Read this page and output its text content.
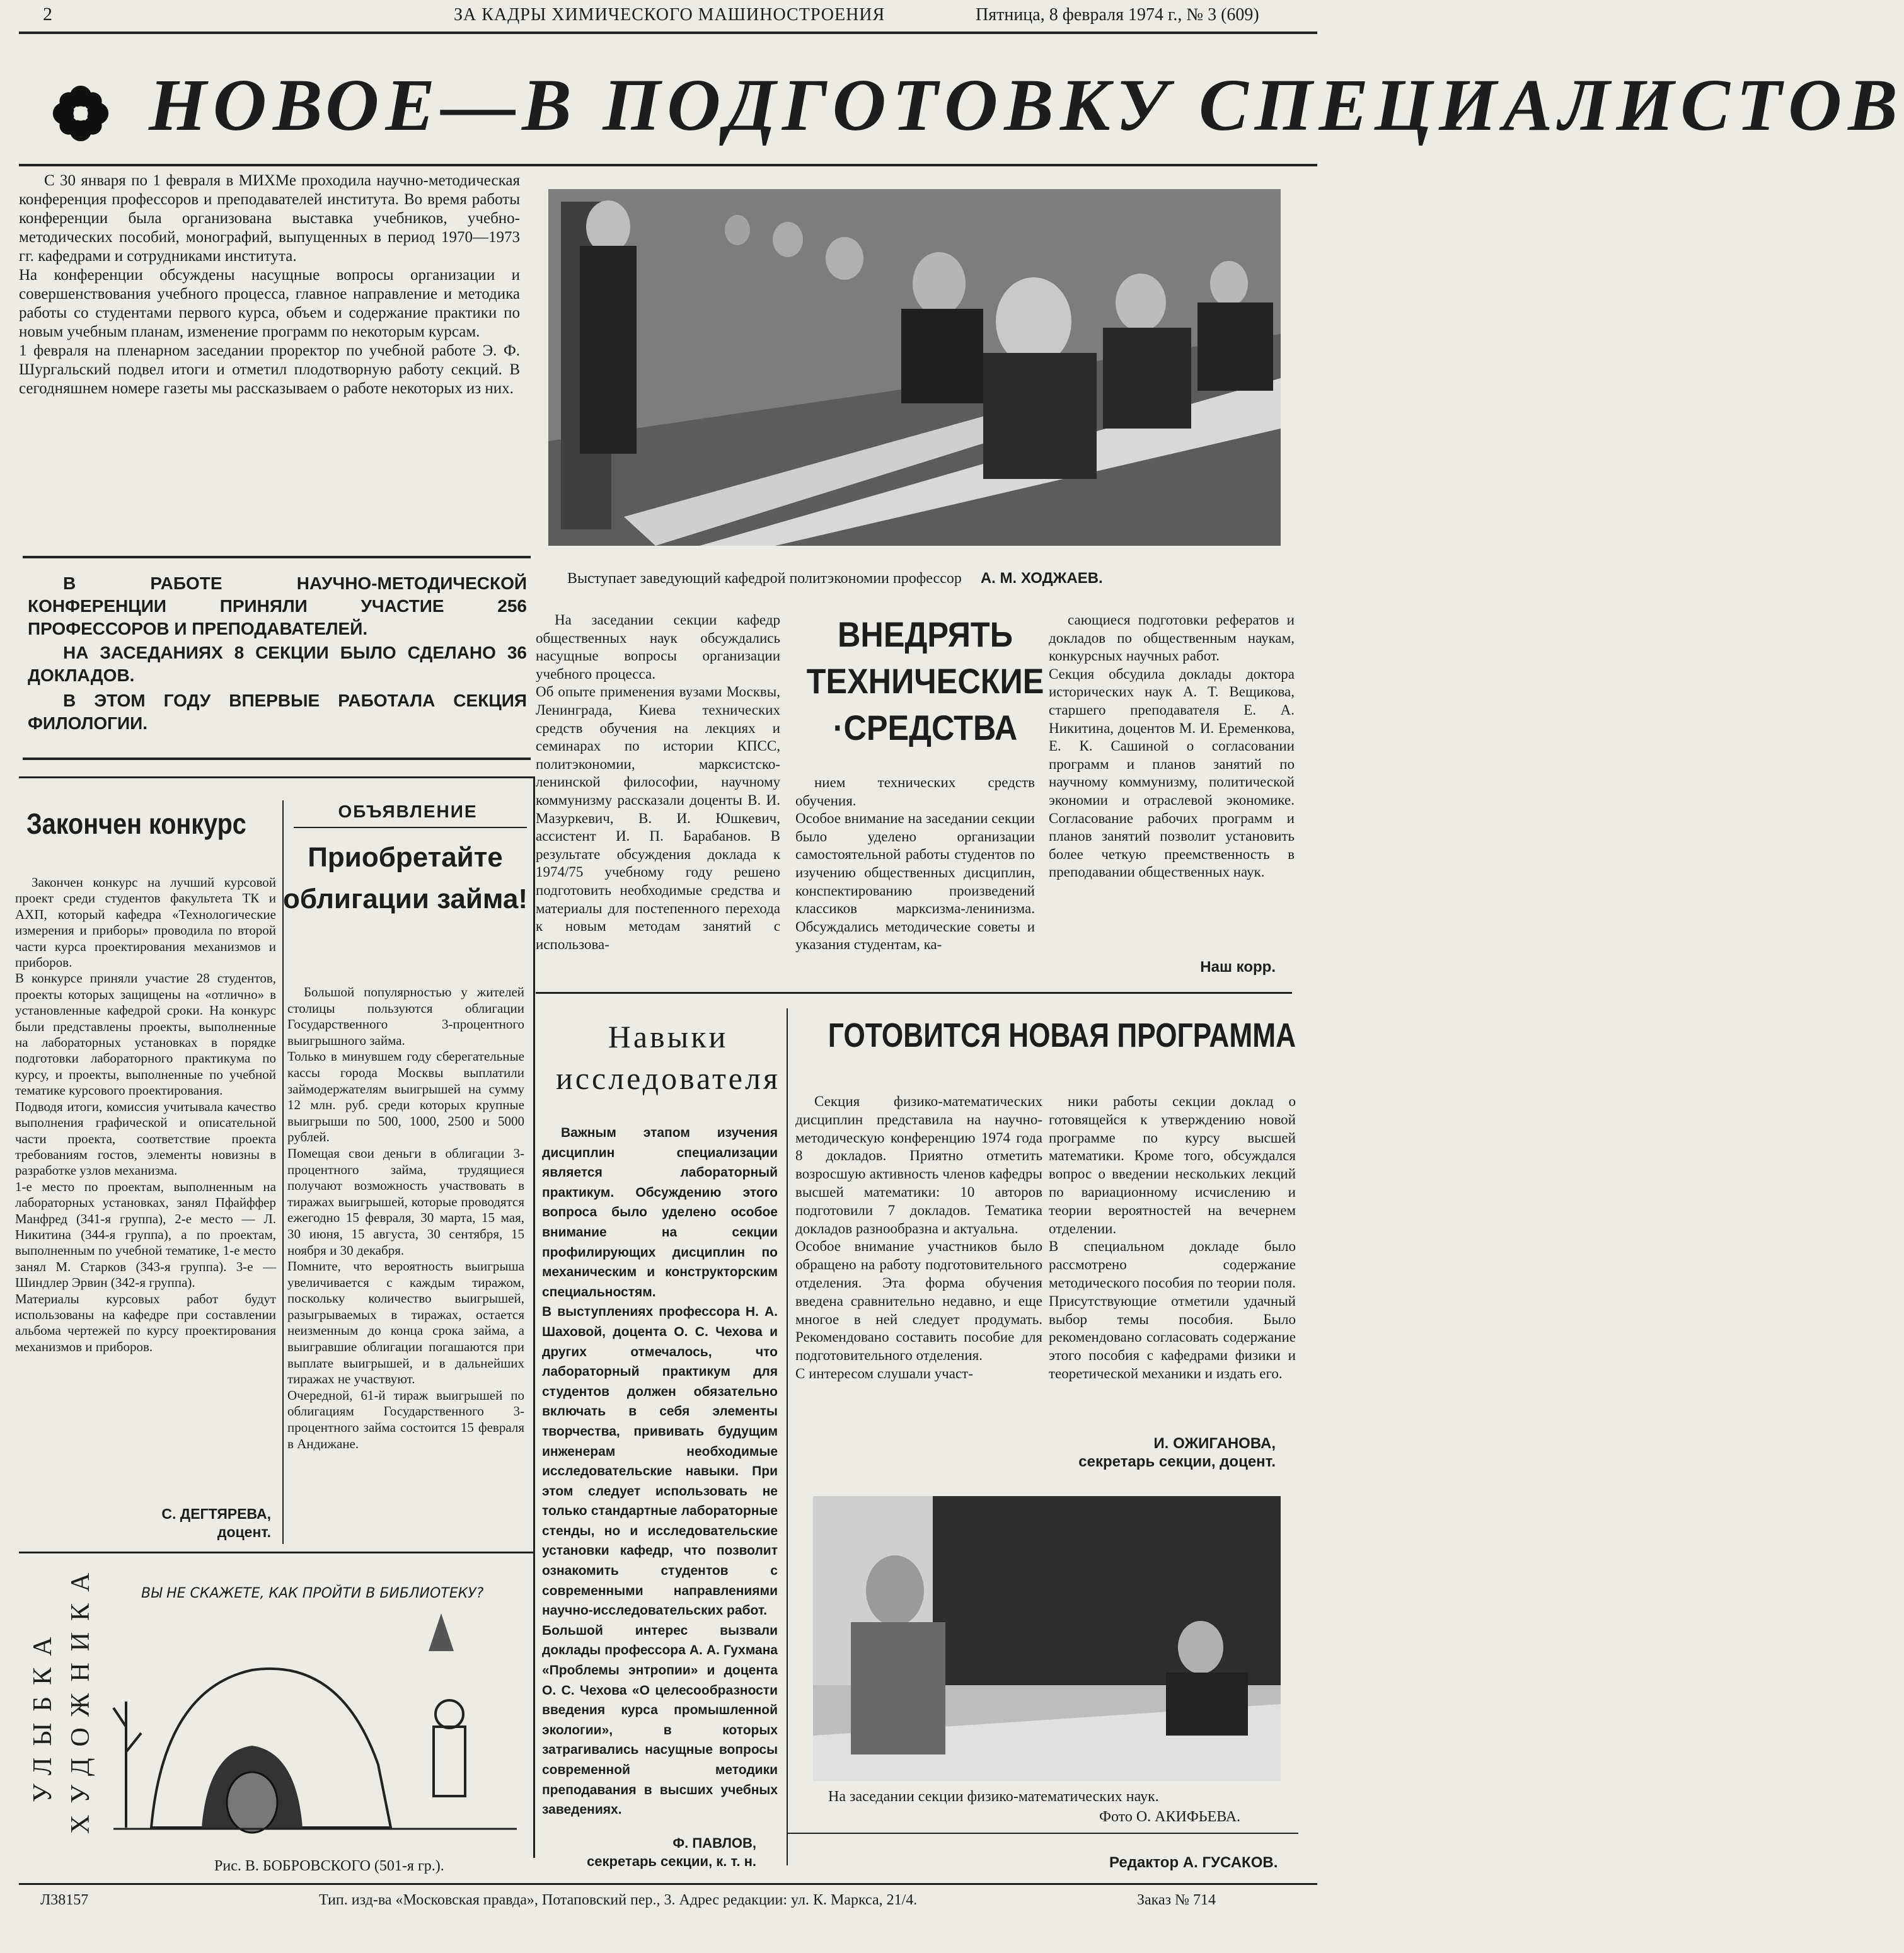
2	ЗА КАДРЫ ХИМИЧЕСКОГО МАШИНОСТРОЕНИЯ	Пятница, 8 февраля 1974 г., № 3 (609)
НОВОЕ—В ПОДГОТОВКУ СПЕЦИАЛИСТОВ
С 30 января по 1 февраля в МИХМе проходила научно-методическая конференция профессоров и преподавателей института. Во время работы конференции была организована выставка учебников, учебно-методических пособий, монографий, выпущенных в период 1970—1973 гг. кафедрами и сотрудниками института.
На конференции обсуждены насущные вопросы организации и совершенствования учебного процесса, главное направление и методика работы со студентами первого курса, объем и содержание практики по новым учебным планам, изменение программ по некоторым курсам.
1 февраля на пленарном заседании проректор по учебной работе Э. Ф. Шургальский подвел итоги и отметил плодотворную работу секций. В сегодняшнем номере газеты мы рассказываем о работе некоторых из них.
Выступает заведующий кафедрой политэкономии профессор А. М. ХОДЖАЕВ.
В РАБОТЕ НАУЧНО-МЕТОДИЧЕСКОЙ КОНФЕРЕНЦИИ ПРИНЯЛИ УЧАСТИЕ 256 ПРОФЕССОРОВ И ПРЕПОДАВАТЕЛЕЙ.
НА ЗАСЕДАНИЯХ 8 СЕКЦИИ БЫЛО СДЕЛАНО 36 ДОКЛАДОВ.
В ЭТОМ ГОДУ ВПЕРВЫЕ РАБОТАЛА СЕКЦИЯ ФИЛОЛОГИИ.
ВНЕДРЯТЬ ТЕХНИЧЕСКИЕ ·СРЕДСТВА
На заседании секции кафедр общественных наук обсуждались насущные вопросы организации учебного процесса.
Об опыте применения вузами Москвы, Ленинграда, Киева технических средств обучения на лекциях и семинарах по истории КПСС, политэкономии, марксистско-ленинской философии, научному коммунизму рассказали доценты В. И. Мазуркевич, В. И. Юшкевич, ассистент И. П. Барабанов. В результате обсуждения доклада к 1974/75 учебному году решено подготовить необходимые средства и материалы для постепенного перехода к новым методам занятий с использова-
нием технических средств обучения.
Особое внимание на заседании секции было уделено организации самостоятельной работы студентов по изучению общественных дисциплин, конспектированию произведений классиков марксизма-ленинизма. Обсуждались методические советы и указания студентам, ка-
сающиеся подготовки рефератов и докладов по общественным наукам, конкурсных научных работ.
Секция обсудила доклады доктора исторических наук А. Т. Вещикова, старшего преподавателя Е. А. Никитина, доцентов М. И. Еременкова, Е. К. Сашиной о согласовании программ и планов занятий по научному коммунизму, политической экономии и отраслевой экономике. Согласование рабочих программ и планов занятий позволит установить более четкую преемственность в преподавании общественных наук.
Наш корр.
Закончен конкурс
Закончен конкурс на лучший курсовой проект среди студентов факультета ТК и АХП, который кафедра «Технологические измерения и приборы» проводила по второй части курса проектирования механизмов и приборов.
В конкурсе приняли участие 28 студентов, проекты которых защищены на «отлично» в установленные кафедрой сроки. На конкурс были представлены проекты, выполненные на лабораторных установках в порядке подготовки лабораторного практикума по курсу, и проекты, выполненные по учебной тематике курсового проектирования.
Подводя итоги, комиссия учитывала качество выполнения графической и описательной части проекта, соответствие проекта требованиям гостов, элементы новизны в разработке узлов механизма.
1-е место по проектам, выполненным на лабораторных установках, занял Пфайффер Манфред (341-я группа), 2-е место — Л. Никитина (344-я группа), а по проектам, выполненным по учебной тематике, 1-е место занял М. Старков (343-я группа). 3-е — Шиндлер Эрвин (342-я группа).
Материалы курсовых работ будут использованы на кафедре при составлении альбома чертежей по курсу проектирования механизмов и приборов.
С. ДЕГТЯРЕВА,
доцент.
ОБЪЯВЛЕНИЕ
Приобретайте облигации займа!
Большой популярностью у жителей столицы пользуются облигации Государственного 3-процентного выигрышного займа.
Только в минувшем году сберегательные кассы города Москвы выплатили займодержателям выигрышей на сумму 12 млн. руб. среди которых крупные выигрыши по 500, 1000, 2500 и 5000 рублей.
Помещая свои деньги в облигации 3-процентного займа, трудящиеся получают возможность участвовать в тиражах выигрышей, которые проводятся ежегодно 15 февраля, 30 марта, 15 мая, 30 июня, 15 августа, 30 сентября, 15 ноября и 30 декабря.
Помните, что вероятность выигрыша увеличивается с каждым тиражом, поскольку количество выигрышей, разыгрываемых в тиражах, остается неизменным до конца срока займа, а выигравшие облигации погашаются при выплате выигрышей, и в дальнейших тиражах не участвуют.
Очередной, 61-й тираж выигрышей по облигациям Государственного 3-процентного займа состоится 15 февраля в Андижане.
Навыки исследователя
Важным этапом изучения дисциплин специализации является лабораторный практикум. Обсуждению этого вопроса было уделено особое внимание на секции профилирующих дисциплин по механическим и конструкторским специальностям.
В выступлениях профессора Н. А. Шаховой, доцента О. С. Чехова и других отмечалось, что лабораторный практикум для студентов должен обязательно включать в себя элементы творчества, прививать будущим инженерам необходимые исследовательские навыки. При этом следует использовать не только стандартные лабораторные стенды, но и исследовательские установки кафедр, что позволит ознакомить студентов с современными направлениями научно-исследовательских работ.
Большой интерес вызвали доклады профессора А. А. Гухмана «Проблемы энтропии» и доцента О. С. Чехова «О целесообразности введения курса промышленной экологии», в которых затрагивались насущные вопросы современной методики преподавания в высших учебных заведениях.
Ф. ПАВЛОВ,
секретарь секции, к. т. н.
ГОТОВИТСЯ НОВАЯ ПРОГРАММА
Секция физико-математических дисциплин представила на научно-методическую конференцию 1974 года 8 докладов. Приятно отметить возросшую активность членов кафедры высшей математики: 10 авторов подготовили 7 докладов. Тематика докладов разнообразна и актуальна.
Особое внимание участников было обращено на работу подготовительного отделения. Эта форма обучения введена сравнительно недавно, и еще многое в ней следует продумать. Рекомендовано составить пособие для подготовительного отделения.
С интересом слушали участ-
ники работы секции доклад о готовящейся к утверждению новой программе по курсу высшей математики. Кроме того, обсуждался вопрос о введении нескольких лекций по вариационному исчислению и теории вероятностей на вечернем отделении.
В специальном докладе было рассмотрено содержание методического пособия по теории поля. Присутствующие отметили удачный выбор темы пособия. Было рекомендовано согласовать содержание этого пособия с кафедрами физики и теоретической механики и издать его.
И. ОЖИГАНОВА,
секретарь секции, доцент.
На заседании секции физико-математических наук.
Фото О. АКИФЬЕВА.
УЛЫБКА ХУДОЖНИКА	ВЫ НЕ СКАЖЕТЕ, КАК ПРОЙТИ В БИБЛИОТЕКУ?
Рис. В. БОБРОВСКОГО (501-я гр.).	Редактор А. ГУСАКОВ.
Л38157	Тип. изд-ва «Московская правда», Потаповский пер., 3. Адрес редакции: ул. К. Маркса, 21/4.	Заказ № 714
